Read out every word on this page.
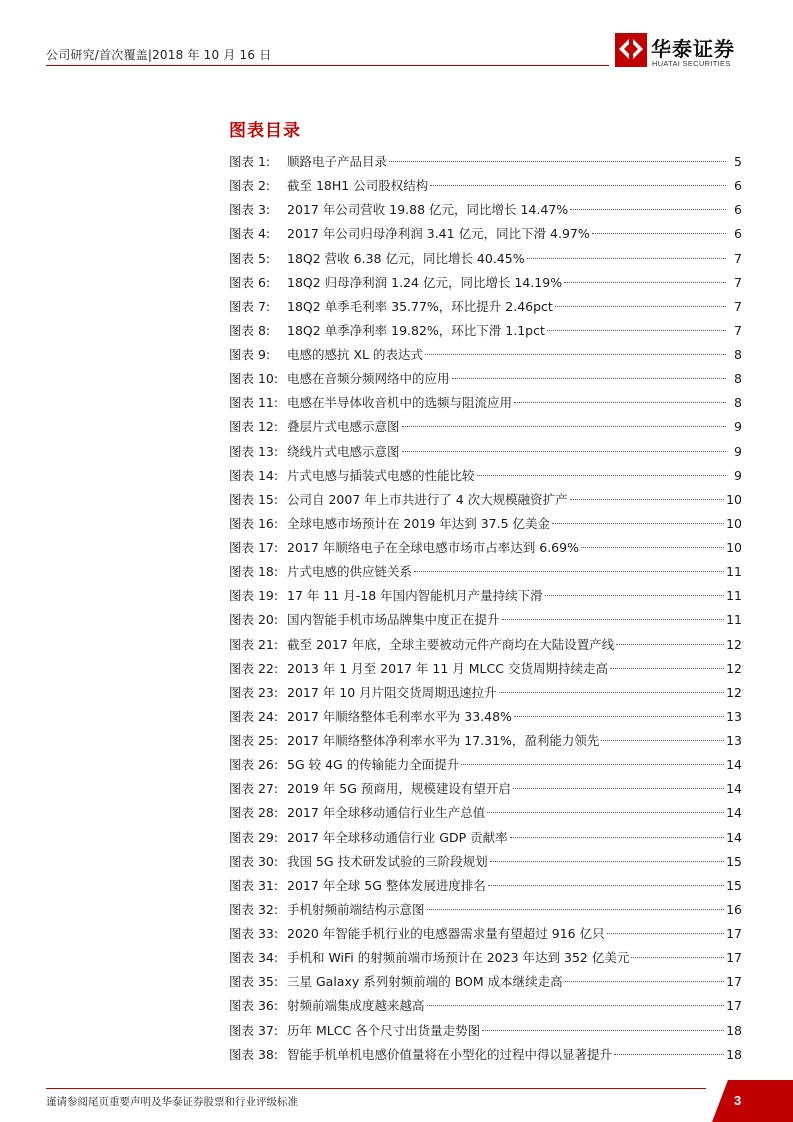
公司研究/首次覆盖|2018 年 10 月 16 日	华泰证券
HUATAI SECURITIES
图表目录
图表 1:	顺路电子产品目录	5
图表 2:	截至 18H1 公司股权结构	6
图表 3:	2017 年公司营收 19.88 亿元，同比增长 14.47%	6
图表 4:	2017 年公司归母净利润 3.41 亿元，同比下滑 4.97%	6
图表 5:	18Q2 营收 6.38 亿元，同比增长 40.45%	7
图表 6:	18Q2 归母净利润 1.24 亿元，同比增长 14.19%	7
图表 7:	18Q2 单季毛利率 35.77%，环比提升 2.46pct	7
图表 8:	18Q2 单季净利率 19.82%，环比下滑 1.1pct	7
图表 9:	电感的感抗 XL 的表达式	8
图表 10: 电感在音频分频网络中的应用	8
图表 11: 电感在半导体收音机中的选频与阻流应用	8
图表 12: 叠层片式电感示意图	9
图表 13: 绕线片式电感示意图	9
图表 14: 片式电感与插装式电感的性能比较	9
图表 15: 公司自 2007 年上市共进行了 4 次大规模融资扩产	10
图表 16: 全球电感市场预计在 2019 年达到 37.5 亿美金	10
图表 17: 2017 年顺络电子在全球电感市场市占率达到 6.69%	10
图表 18: 片式电感的供应链关系	11
图表 19: 17 年 11 月-18 年国内智能机月产量持续下滑	11
图表 20: 国内智能手机市场品牌集中度正在提升	11
图表 21: 截至 2017 年底，全球主要被动元件产商均在大陆设置产线	12
图表 22: 2013 年 1 月至 2017 年 11 月 MLCC 交货周期持续走高	12
图表 23: 2017 年 10 月片阻交货周期迅速拉升	12
图表 24: 2017 年顺络整体毛利率水平为 33.48%	13
图表 25: 2017 年顺络整体净利率水平为 17.31%，盈利能力领先	13
图表 26: 5G 较 4G 的传输能力全面提升	14
图表 27: 2019 年 5G 预商用，规模建设有望开启	14
图表 28: 2017 年全球移动通信行业生产总值	14
图表 29: 2017 年全球移动通信行业 GDP 贡献率	14
图表 30: 我国 5G 技术研发试验的三阶段规划	15
图表 31: 2017 年全球 5G 整体发展进度排名	15
图表 32: 手机射频前端结构示意图	16
图表 33: 2020 年智能手机行业的电感器需求量有望超过 916 亿只	17
图表 34: 手机和 WiFi 的射频前端市场预计在 2023 年达到 352 亿美元	17
图表 35: 三星 Galaxy 系列射频前端的 BOM 成本继续走高	17
图表 36: 射频前端集成度越来越高	17
图表 37: 历年 MLCC 各个尺寸出货量走势图	18
图表 38: 智能手机单机电感价值量将在小型化的过程中得以显著提升	18
谨请参阅尾页重要声明及华泰证券股票和行业评级标准	3
